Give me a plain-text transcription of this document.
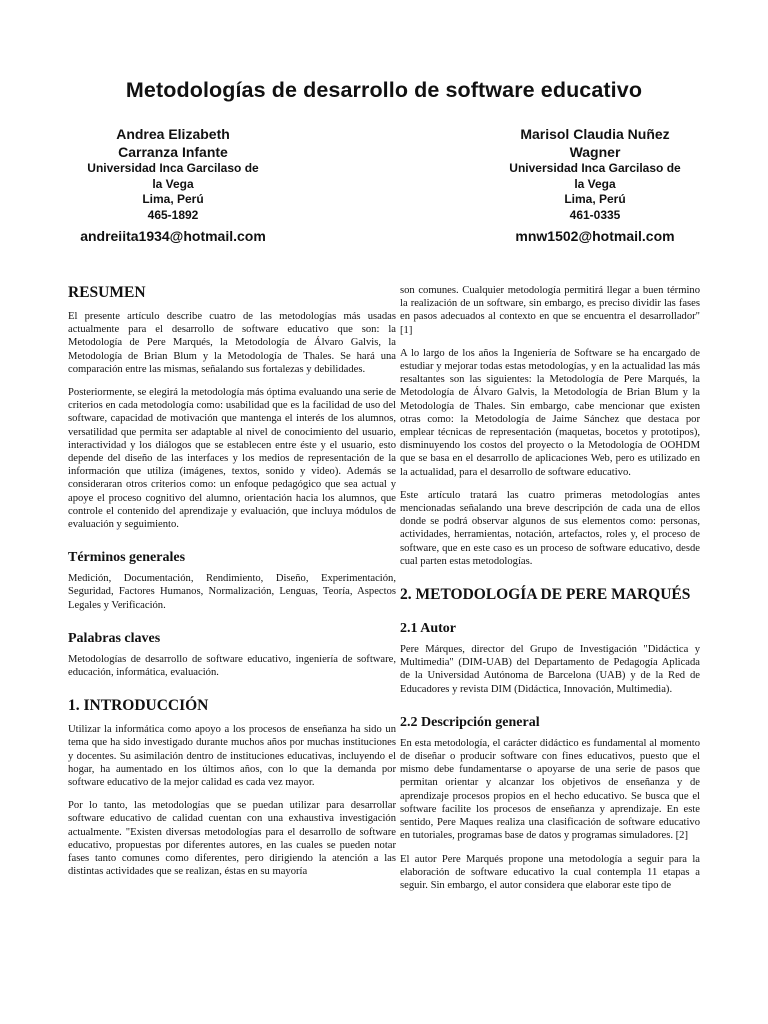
Metodologías de desarrollo de software educativo
Andrea Elizabeth
Carranza Infante
Universidad Inca Garcilaso de
la Vega
Lima, Perú
465-1892
andreiita1934@hotmail.com
Marisol Claudia Nuñez
Wagner
Universidad Inca Garcilaso de
la Vega
Lima, Perú
461-0335
mnw1502@hotmail.com
RESUMEN

El presente artículo describe cuatro de las metodologías más usadas actualmente para el desarrollo de software educativo que son: la Metodología de Pere Marqués, la Metodología de Álvaro Galvis, la Metodología de Brian Blum y la Metodología de Thales. Se hará una comparación entre las mismas, señalando sus fortalezas y debilidades.

Posteriormente, se elegirá la metodología más óptima evaluando una serie de criterios en cada metodología como: usabilidad que es la facilidad de uso del software, capacidad de motivación que mantenga el interés de los alumnos, versatilidad que permita ser adaptable al nivel de conocimiento del usuario, interactividad y los diálogos que se establecen entre éste y el usuario, esto depende del diseño de las interfaces y los medios de representación de la información que utiliza (imágenes, textos, sonido y video). Además se consideraran otros criterios como: un enfoque pedagógico que sea actual y apoye el proceso cognitivo del alumno, orientación hacia los alumnos, que controle el contenido del aprendizaje y evaluación, que incluya módulos de evaluación y seguimiento.

Términos generales

Medición, Documentación, Rendimiento, Diseño, Experimentación, Seguridad, Factores Humanos, Normalización, Lenguas, Teoría, Aspectos Legales y Verificación.

Palabras claves

Metodologías de desarrollo de software educativo, ingeniería de software, educación, informática, evaluación.

1. INTRODUCCIÓN

Utilizar la informática como apoyo a los procesos de enseñanza ha sido un tema que ha sido investigado durante muchos años por muchas instituciones y docentes. Su asimilación dentro de instituciones educativas, incluyendo el hogar, ha aumentado en los últimos años, con lo que la demanda por software educativo de la mejor calidad es cada vez mayor.

Por lo tanto, las metodologías que se puedan utilizar para desarrollar software educativo de calidad cuentan con una exhaustiva investigación actualmente. "Existen diversas metodologías para el desarrollo de software educativo, propuestas por diferentes autores, en las cuales se pueden notar fases tanto comunes como diferentes, pero dirigiendo la atención a las distintas actividades que se realizan, éstas en su mayoría

son comunes. Cualquier metodología permitirá llegar a buen término la realización de un software, sin embargo, es preciso dividir las fases en pasos adecuados al contexto en que se encuentra el desarrollador" [1]

A lo largo de los años la Ingeniería de Software se ha encargado de estudiar y mejorar todas estas metodologías, y en la actualidad las más resaltantes son las siguientes: la Metodología de Pere Marqués, la Metodología de Álvaro Galvis, la Metodología de Brian Blum y la Metodología de Thales. Sin embargo, cabe mencionar que existen otras como: la Metodología de Jaime Sánchez que destaca por emplear técnicas de representación (maquetas, bocetos y prototipos), disminuyendo los costos del proyecto o la Metodología de OOHDM que se basa en el desarrollo de aplicaciones Web, pero es utilizado en la actualidad, para el desarrollo de software educativo.

Este artículo tratará las cuatro primeras metodologías antes mencionadas señalando una breve descripción de cada una de ellos donde se podrá observar algunos de sus elementos como: personas, actividades, herramientas, notación, artefactos, roles y, el proceso de software, que en este caso es un proceso de software educativo, desde cual parten estas metodologías.

2. METODOLOGÍA DE PERE MARQUÉS
2.1 Autor

Pere Márques, director del Grupo de Investigación "Didáctica y Multimedia" (DIM-UAB) del Departamento de Pedagogía Aplicada de la Universidad Autónoma de Barcelona (UAB) y de la Red de Educadores y revista DIM (Didáctica, Innovación, Multimedia).

2.2 Descripción general

En esta metodología, el carácter didáctico es fundamental al momento de diseñar o producir software con fines educativos, puesto que el mismo debe fundamentarse o apoyarse de una serie de pasos que permitan orientar y alcanzar los objetivos de enseñanza y de aprendizaje procesos propios en el hecho educativo. Se busca que el software facilite los procesos de enseñanza y aprendizaje. En este sentido, Pere Maques realiza una clasificación de software educativo en tutoriales, programas base de datos y programas simuladores. [2]

El autor Pere Marqués propone una metodología a seguir para la elaboración de software educativo la cual contempla 11 etapas a seguir. Sin embargo, el autor considera que elaborar este tipo de
